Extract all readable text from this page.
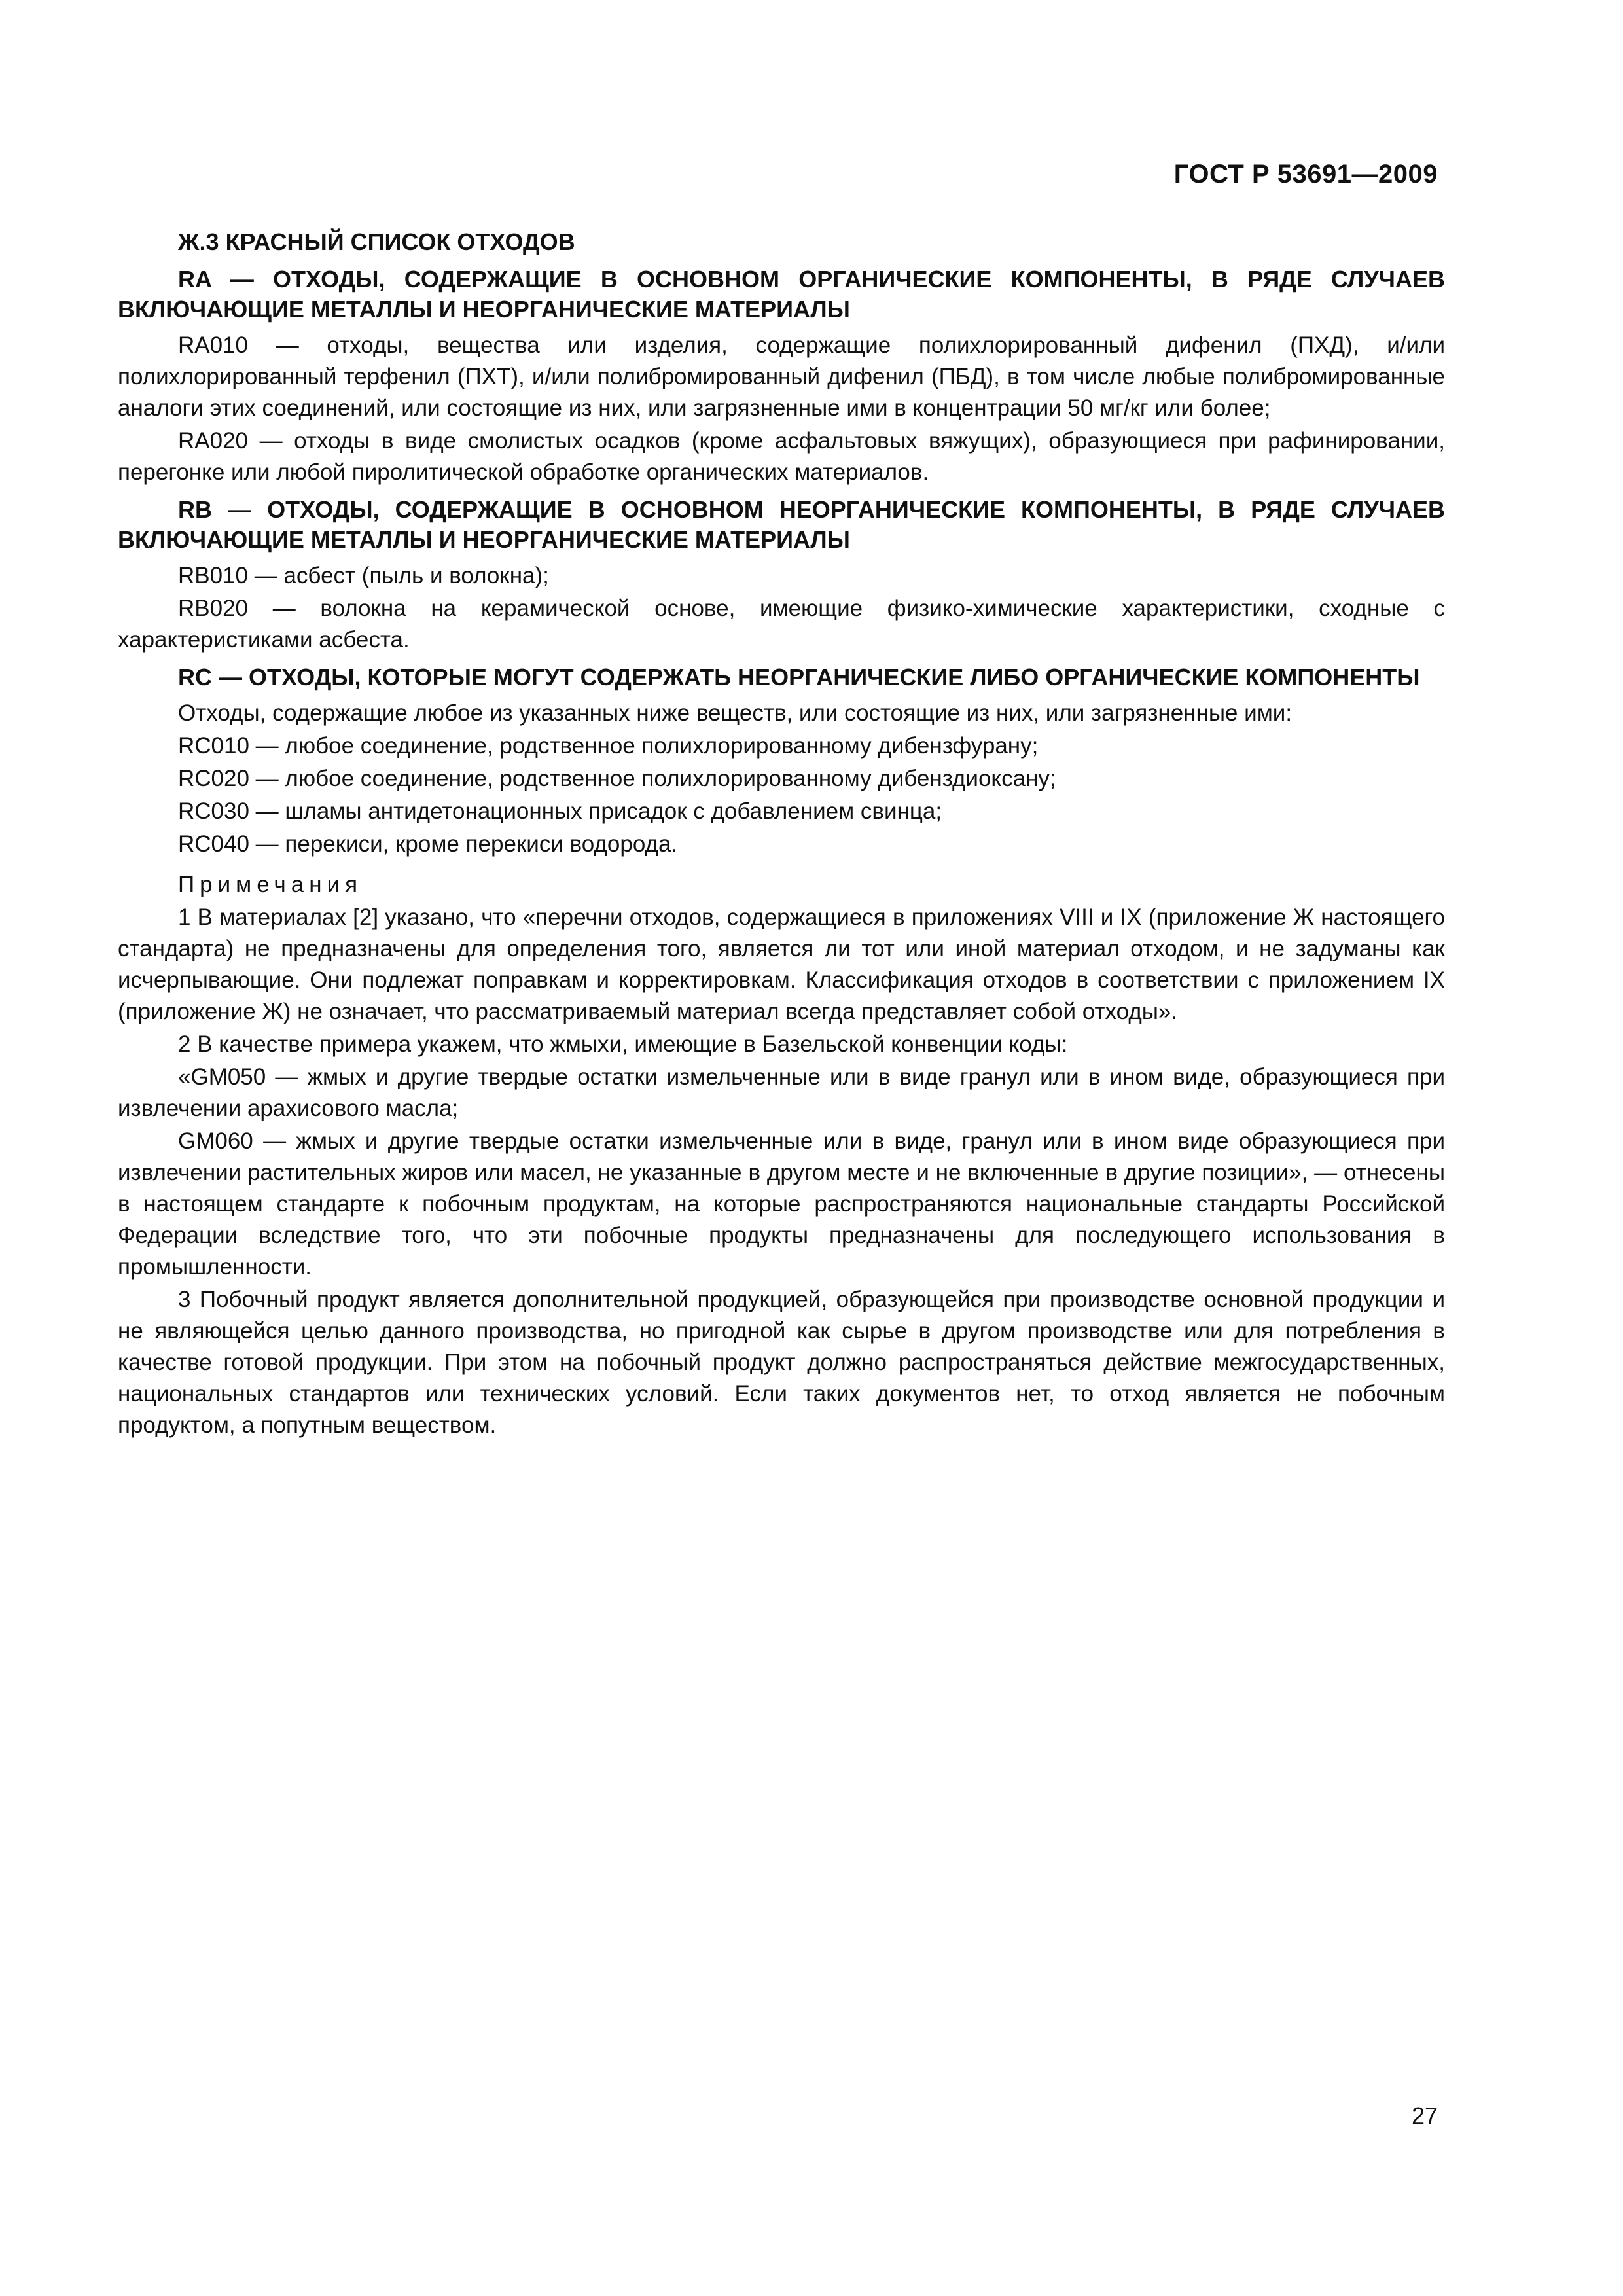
ГОСТ Р 53691—2009
Ж.3 КРАСНЫЙ СПИСОК ОТХОДОВ
RA — ОТХОДЫ, СОДЕРЖАЩИЕ В ОСНОВНОМ ОРГАНИЧЕСКИЕ КОМПОНЕНТЫ, В РЯДЕ СЛУЧАЕВ ВКЛЮЧАЮЩИЕ МЕТАЛЛЫ И НЕОРГАНИЧЕСКИЕ МАТЕРИАЛЫ
RA010 — отходы, вещества или изделия, содержащие полихлорированный дифенил (ПХД), и/или полихлорированный терфенил (ПХТ), и/или полибромированный дифенил (ПБД), в том числе любые полибромированные аналоги этих соединений, или состоящие из них, или загрязненные ими в концентрации 50 мг/кг или более;
RA020 — отходы в виде смолистых осадков (кроме асфальтовых вяжущих), образующиеся при рафинировании, перегонке или любой пиролитической обработке органических материалов.
RB — ОТХОДЫ, СОДЕРЖАЩИЕ В ОСНОВНОМ НЕОРГАНИЧЕСКИЕ КОМПОНЕНТЫ, В РЯДЕ СЛУЧАЕВ ВКЛЮЧАЮЩИЕ МЕТАЛЛЫ И НЕОРГАНИЧЕСКИЕ МАТЕРИАЛЫ
RB010 — асбест (пыль и волокна);
RB020 — волокна на керамической основе, имеющие физико-химические характеристики, сходные с характеристиками асбеста.
RC — ОТХОДЫ, КОТОРЫЕ МОГУТ СОДЕРЖАТЬ НЕОРГАНИЧЕСКИЕ ЛИБО ОРГАНИЧЕСКИЕ КОМПОНЕНТЫ
Отходы, содержащие любое из указанных ниже веществ, или состоящие из них, или загрязненные ими:
RC010 — любое соединение, родственное полихлорированному дибензфурану;
RC020 — любое соединение, родственное полихлорированному дибенздиоксану;
RC030 — шламы антидетонационных присадок с добавлением свинца;
RC040 — перекиси, кроме перекиси водорода.
Примечания
1 В материалах [2] указано, что «перечни отходов, содержащиеся в приложениях VIII и IX (приложение Ж настоящего стандарта) не предназначены для определения того, является ли тот или иной материал отходом, и не задуманы как исчерпывающие. Они подлежат поправкам и корректировкам. Классификация отходов в соответствии с приложением IX (приложение Ж) не означает, что рассматриваемый материал всегда представляет собой отходы».
2 В качестве примера укажем, что жмыхи, имеющие в Базельской конвенции коды:
«GM050 — жмых и другие твердые остатки измельченные или в виде гранул или в ином виде, образующиеся при извлечении арахисового масла;
GM060 — жмых и другие твердые остатки измельченные или в виде, гранул или в ином виде образующиеся при извлечении растительных жиров или масел, не указанные в другом месте и не включенные в другие позиции», — отнесены в настоящем стандарте к побочным продуктам, на которые распространяются национальные стандарты Российской Федерации вследствие того, что эти побочные продукты предназначены для последующего использования в промышленности.
3 Побочный продукт является дополнительной продукцией, образующейся при производстве основной продукции и не являющейся целью данного производства, но пригодной как сырье в другом производстве или для потребления в качестве готовой продукции. При этом на побочный продукт должно распространяться действие межгосударственных, национальных стандартов или технических условий. Если таких документов нет, то отход является не побочным продуктом, а попутным веществом.
27
